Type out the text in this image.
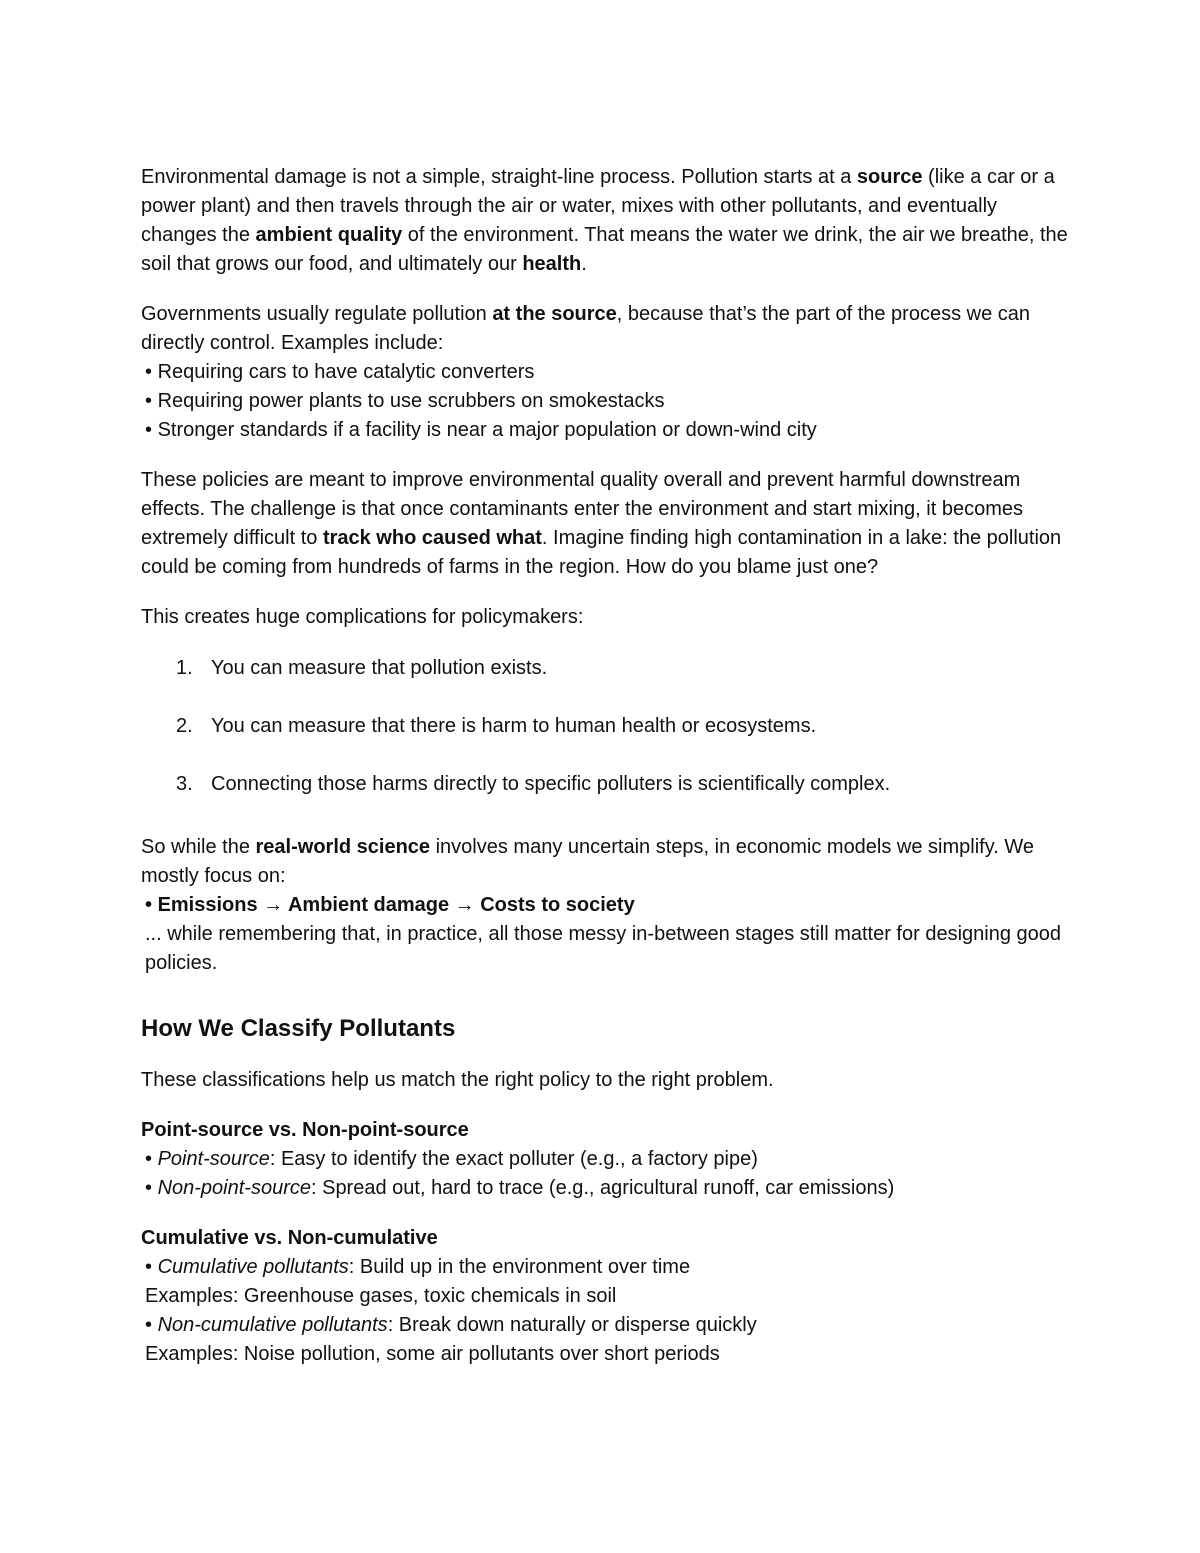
Environmental damage is not a simple, straight-line process. Pollution starts at a source (like a car or a power plant) and then travels through the air or water, mixes with other pollutants, and eventually changes the ambient quality of the environment. That means the water we drink, the air we breathe, the soil that grows our food, and ultimately our health.

Governments usually regulate pollution at the source, because that’s the part of the process we can directly control. Examples include:
• Requiring cars to have catalytic converters
• Requiring power plants to use scrubbers on smokestacks
• Stronger standards if a facility is near a major population or down-wind city

These policies are meant to improve environmental quality overall and prevent harmful downstream effects. The challenge is that once contaminants enter the environment and start mixing, it becomes extremely difficult to track who caused what. Imagine finding high contamination in a lake: the pollution could be coming from hundreds of farms in the region. How do you blame just one?

This creates huge complications for policymakers:

1. You can measure that pollution exists.
2. You can measure that there is harm to human health or ecosystems.
3. Connecting those harms directly to specific polluters is scientifically complex.

So while the real-world science involves many uncertain steps, in economic models we simplify. We mostly focus on:
• Emissions → Ambient damage → Costs to society
... while remembering that, in practice, all those messy in-between stages still matter for designing good policies.

How We Classify Pollutants

These classifications help us match the right policy to the right problem.

Point-source vs. Non-point-source
• Point-source: Easy to identify the exact polluter (e.g., a factory pipe)
• Non-point-source: Spread out, hard to trace (e.g., agricultural runoff, car emissions)

Cumulative vs. Non-cumulative
• Cumulative pollutants: Build up in the environment over time
Examples: Greenhouse gases, toxic chemicals in soil
• Non-cumulative pollutants: Break down naturally or disperse quickly
Examples: Noise pollution, some air pollutants over short periods
